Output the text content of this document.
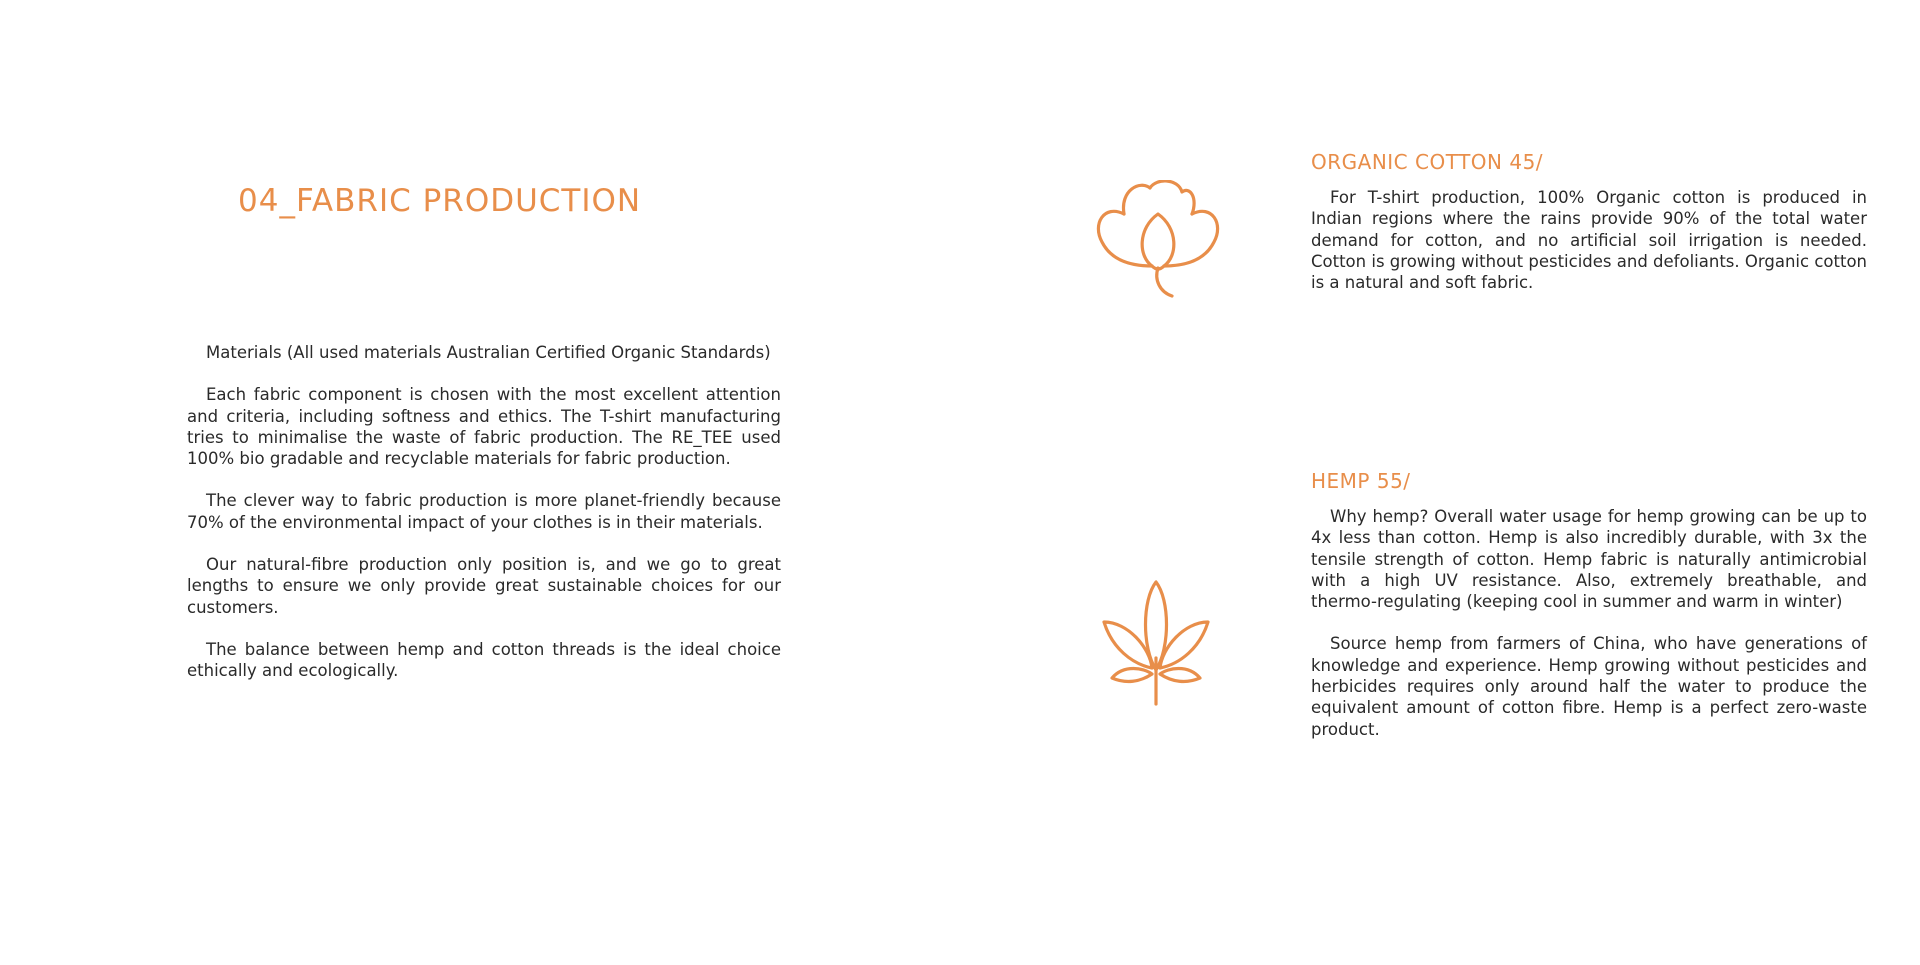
04_FABRIC PRODUCTION

Materials (All used materials Australian Certified Organic Standards)

Each fabric component is chosen with the most excellent attention and criteria, including softness and ethics. The T-shirt manufacturing tries to minimalise the waste of fabric production. The RE_TEE used 100% bio gradable and recyclable materials for fabric production.

The clever way to fabric production is more planet-friendly because 70% of the environmental impact of your clothes is in their materials.

Our natural-fibre production only position is, and we go to great lengths to ensure we only provide great sustainable choices for our customers.

The balance between hemp and cotton threads is the ideal choice ethically and ecologically.

ORGANIC COTTON 45/

For T-shirt production, 100% Organic cotton is produced in Indian regions where the rains provide 90% of the total water demand for cotton, and no artificial soil irrigation is needed. Cotton is growing without pesticides and defoliants. Organic cotton is a natural and soft fabric.

HEMP 55/

Why hemp? Overall water usage for hemp growing can be up to 4x less than cotton. Hemp is also incredibly durable, with 3x the tensile strength of cotton. Hemp fabric is naturally antimicrobial with a high UV resistance. Also, extremely breathable, and thermo-regulating (keeping cool in summer and warm in winter)

Source hemp from farmers of China, who have generations of knowledge and experience. Hemp growing without pesticides and herbicides requires only around half the water to produce the equivalent amount of cotton fibre. Hemp is a perfect zero-waste product.
